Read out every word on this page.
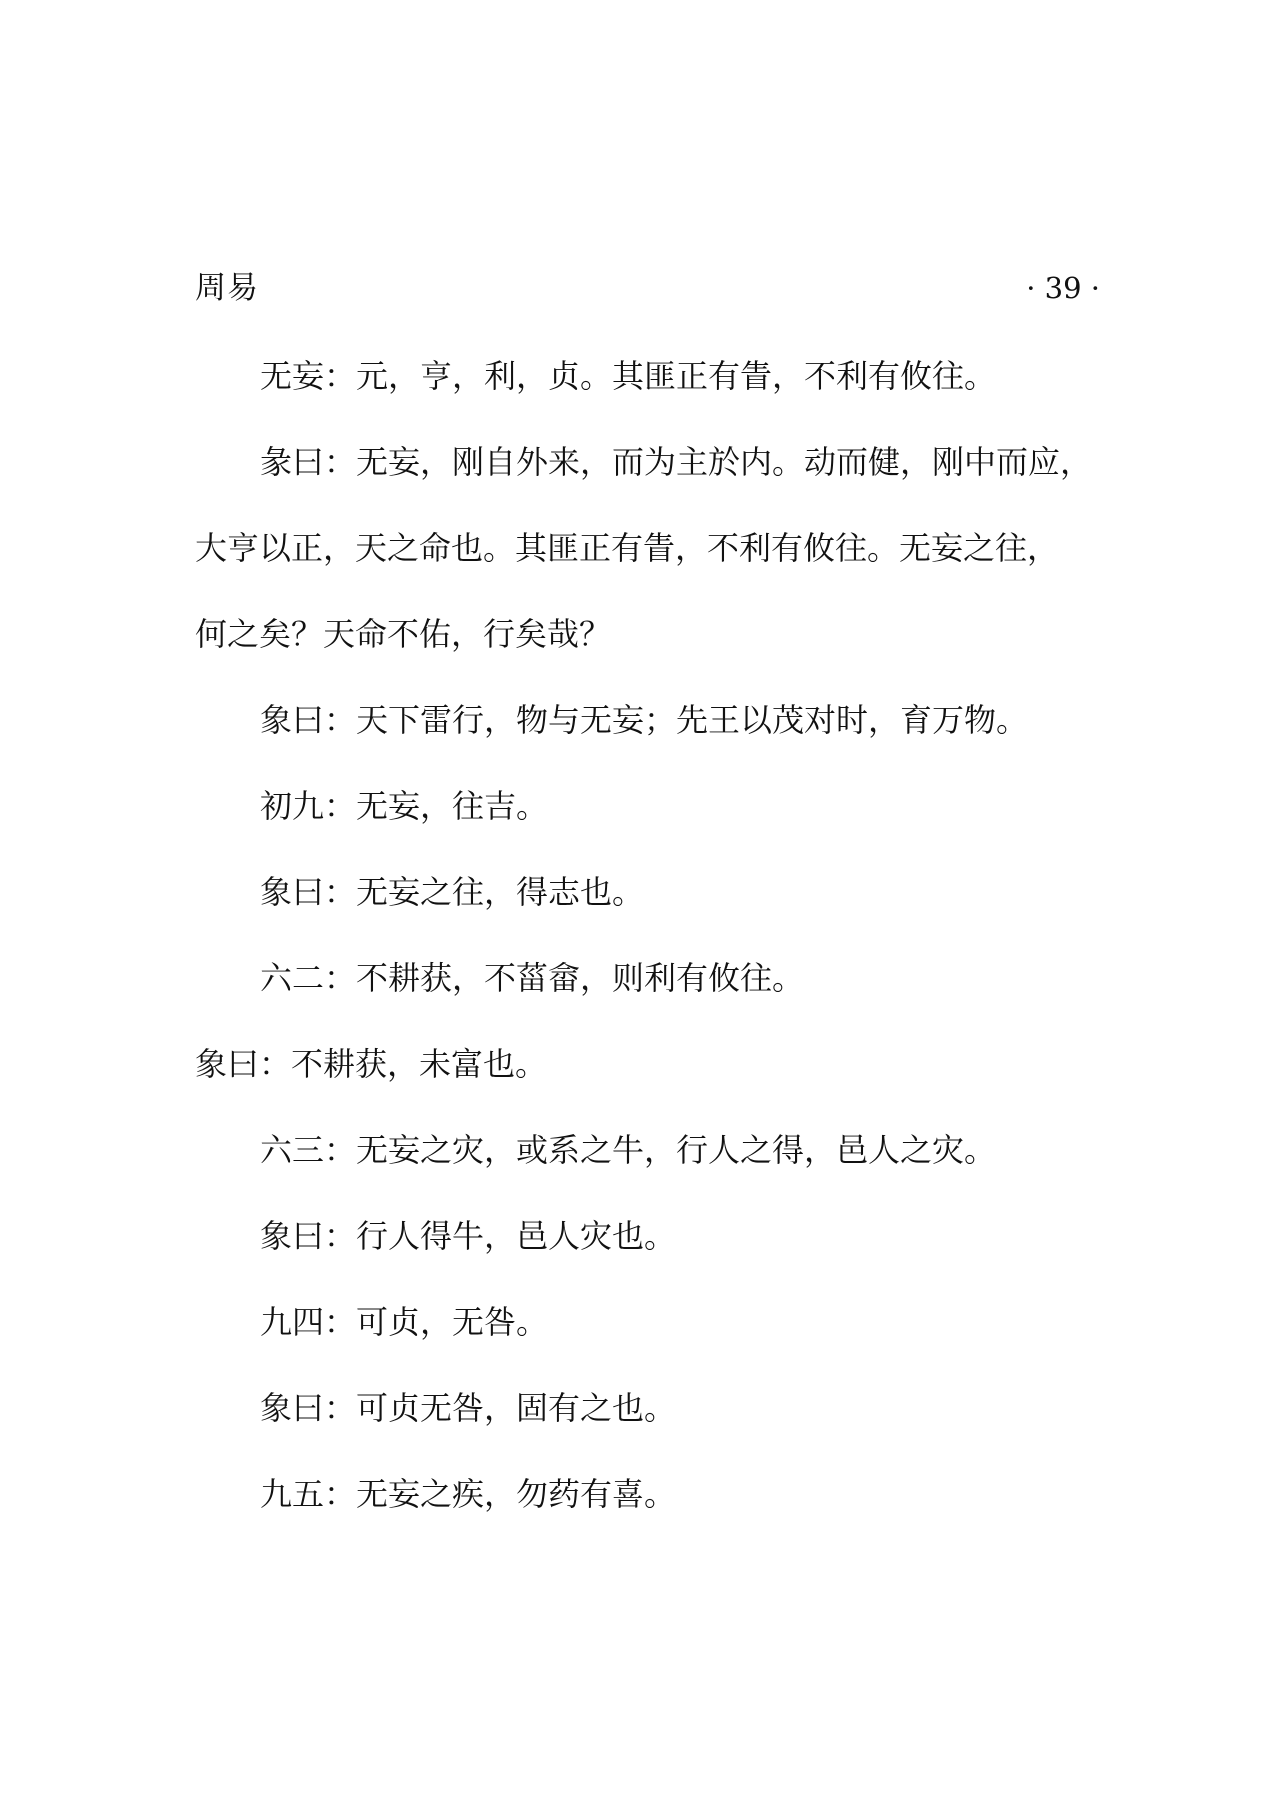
周易	· 39 ·
无妄：元，亨，利，贞。其匪正有眚，不利有攸往。
彖曰：无妄，刚自外来，而为主於内。动而健，刚中而应，
大亨以正，天之命也。其匪正有眚，不利有攸往。无妄之往，
何之矣？天命不佑，行矣哉？
象曰：天下雷行，物与无妄；先王以茂对时，育万物。
初九：无妄，往吉。
象曰：无妄之往，得志也。
六二：不耕获，不菑畲，则利有攸往。
象曰：不耕获，未富也。
六三：无妄之灾，或系之牛，行人之得，邑人之灾。
象曰：行人得牛，邑人灾也。
九四：可贞，无咎。
象曰：可贞无咎，固有之也。
九五：无妄之疾，勿药有喜。
